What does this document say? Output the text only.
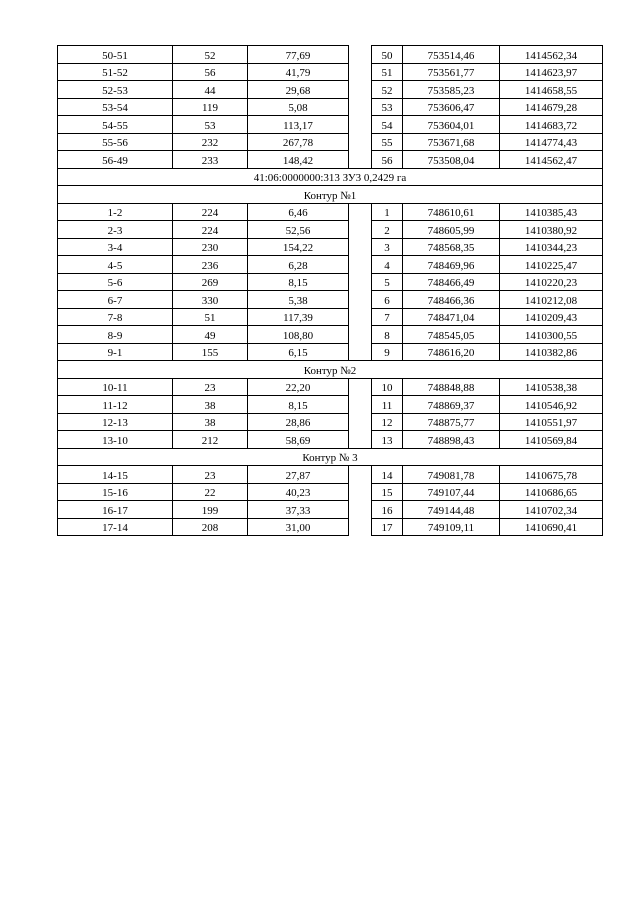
50-51	52	77,69		50	753514,46	1414562,34
51-52	56	41,79		51	753561,77	1414623,97
52-53	44	29,68		52	753585,23	1414658,55
53-54	119	5,08		53	753606,47	1414679,28
54-55	53	113,17		54	753604,01	1414683,72
55-56	232	267,78		55	753671,68	1414774,43
56-49	233	148,42		56	753508,04	1414562,47
41:06:0000000:313 ЗУ3 0,2429 га						
Контур №1						
1-2	224	6,46		1	748610,61	1410385,43
2-3	224	52,56		2	748605,99	1410380,92
3-4	230	154,22		3	748568,35	1410344,23
4-5	236	6,28		4	748469,96	1410225,47
5-6	269	8,15		5	748466,49	1410220,23
6-7	330	5,38		6	748466,36	1410212,08
7-8	51	117,39		7	748471,04	1410209,43
8-9	49	108,80		8	748545,05	1410300,55
9-1	155	6,15		9	748616,20	1410382,86
Контур №2						
10-11	23	22,20		10	748848,88	1410538,38
11-12	38	8,15		11	748869,37	1410546,92
12-13	38	28,86		12	748875,77	1410551,97
13-10	212	58,69		13	748898,43	1410569,84
Контур № 3						
14-15	23	27,87		14	749081,78	1410675,78
15-16	22	40,23		15	749107,44	1410686,65
16-17	199	37,33		16	749144,48	1410702,34
17-14	208	31,00		17	749109,11	1410690,41
